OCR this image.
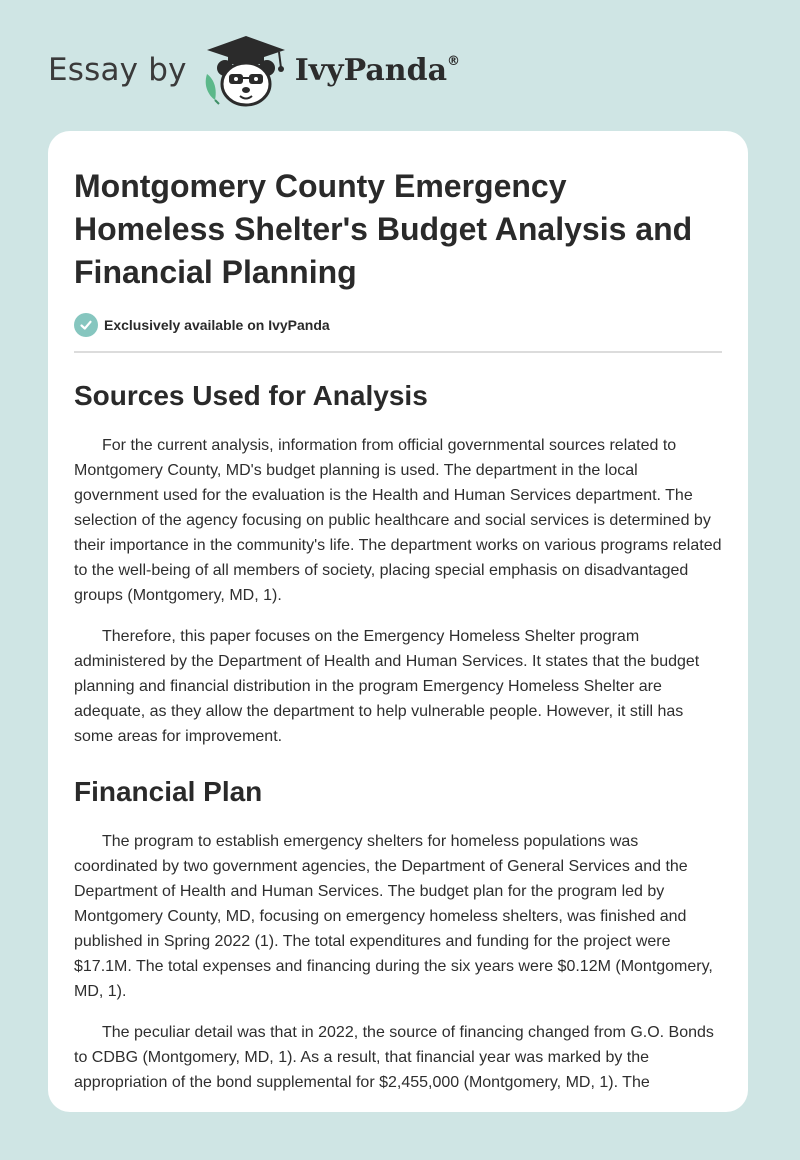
Essay by	IvyPanda®
Montgomery County Emergency Homeless Shelter's Budget Analysis and Financial Planning
Exclusively available on IvyPanda
Sources Used for Analysis

For the current analysis, information from official governmental sources related to Montgomery County, MD's budget planning is used. The department in the local government used for the evaluation is the Health and Human Services department. The selection of the agency focusing on public healthcare and social services is determined by their importance in the community's life. The department works on various programs related to the well-being of all members of society, placing special emphasis on disadvantaged groups (Montgomery, MD, 1).

Therefore, this paper focuses on the Emergency Homeless Shelter program administered by the Department of Health and Human Services. It states that the budget planning and financial distribution in the program Emergency Homeless Shelter are adequate, as they allow the department to help vulnerable people. However, it still has some areas for improvement.

Financial Plan

The program to establish emergency shelters for homeless populations was coordinated by two government agencies, the Department of General Services and the Department of Health and Human Services. The budget plan for the program led by Montgomery County, MD, focusing on emergency homeless shelters, was finished and published in Spring 2022 (1). The total expenditures and funding for the project were $17.1M. The total expenses and financing during the six years were $0.12M (Montgomery, MD, 1).

The peculiar detail was that in 2022, the source of financing changed from G.O. Bonds to CDBG (Montgomery, MD, 1). As a result, that financial year was marked by the appropriation of the bond supplemental for $2,455,000 (Montgomery, MD, 1). The
